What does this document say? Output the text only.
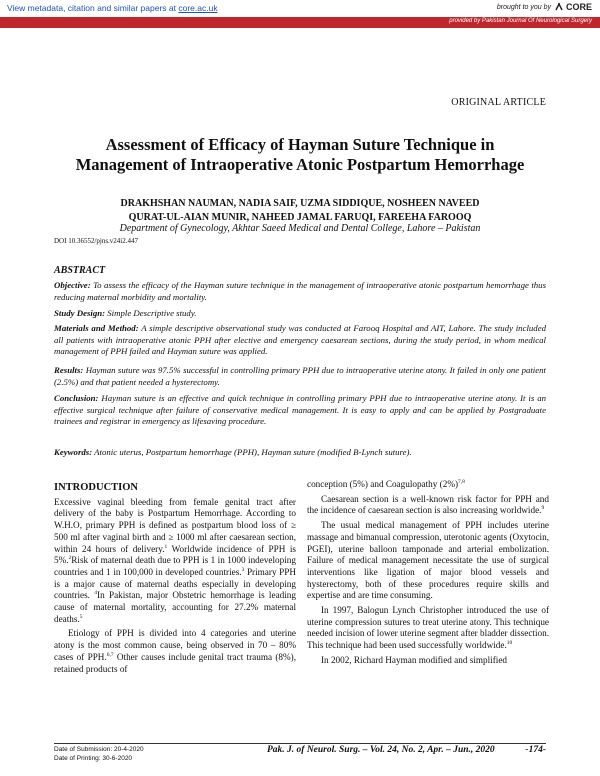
View metadata, citation and similar papers at core.ac.uk	brought to you by CORE
provided by Pakistan Journal Of Neurological Surgery
ORIGINAL ARTICLE
Assessment of Efficacy of Hayman Suture Technique in
Management of Intraoperative Atonic Postpartum Hemorrhage
DRAKHSHAN NAUMAN, NADIA SAIF, UZMA SIDDIQUE, NOSHEEN NAVEED
QURAT-UL-AIAN MUNIR, NAHEED JAMAL FARUQI, FAREEHA FAROOQ
Department of Gynecology, Akhtar Saeed Medical and Dental College, Lahore – Pakistan
DOI 10.36552/pjns.v24i2.447
ABSTRACT
Objective: To assess the efficacy of the Hayman suture technique in the management of intraoperative atonic postpartum hemorrhage thus reducing maternal morbidity and mortality.
Study Design: Simple Descriptive study.
Materials and Method: A simple descriptive observational study was conducted at Farooq Hospital and AIT, Lahore. The study included all patients with intraoperative atonic PPH after elective and emergency caesarean sections, during the study period, in whom medical management of PPH failed and Hayman suture was applied.
Results: Hayman suture was 97.5% successful in controlling primary PPH due to intraoperative uterine atony. It failed in only one patient (2.5%) and that patient needed a hysterectomy.
Conclusion: Hayman suture is an effective and quick technique in controlling primary PPH due to intraoperative uterine atony. It is an effective surgical technique after failure of conservative medical management. It is easy to apply and can be applied by Postgraduate trainees and registrar in emergency as lifesaving procedure.
Keywords: Atonic uterus, Postpartum hemorrhage (PPH), Hayman suture (modified B-Lynch suture).
INTRODUCTION

Excessive vaginal bleeding from female genital tract after delivery of the baby is Postpartum Hemorrhage. According to W.H.O, primary PPH is defined as postpartum blood loss of ≥ 500 ml after vaginal birth and ≥ 1000 ml after caesarean section, within 24 hours of delivery.$^1$ Worldwide incidence of PPH is 5%.$^2$Risk of maternal death due to PPH is 1 in 1000 indeveloping countries and 1 in 100,000 in developed countries.$^3$ Primary PPH is a major cause of maternal deaths especially in developing countries. $^4$In Pakistan, major Obstetric hemorrhage is leading cause of maternal mortality, accounting for 27.2% maternal deaths.$^5$

Etiology of PPH is divided into 4 categories and uterine atony is the most common cause, being observed in 70 – 80% cases of PPH.$^{6,7}$ Other causes include genital tract trauma (8%), retained products of

conception (5%) and Coagulopathy $(2\%)^{7,8}$

Caesarean section is a well-known risk factor for PPH and the incidence of caesarean section is also increasing worldwide.$^9$

The usual medical management of PPH includes uterine massage and bimanual compression, uterotonic agents (Oxytocin, PGEI), uterine balloon tamponade and arterial embolization. Failure of medical management necessitate the use of surgical interventions like ligation of major blood vessels and hysterectomy, both of these procedures require skills and expertise and are time consuming.

In 1997, Balogun Lynch Christopher introduced the use of uterine compression sutures to treat uterine atony. This technique needed incision of lower uterine segment after bladder dissection. This technique had been used successfully worldwide.$^{10}$

In 2002, Richard Hayman modified and simplified

Date of Submission: 20-4-2020
Date of Printing: 30-6-2020
Pak. J. of Neurol. Surg. – Vol. 24, No. 2, Apr. – Jun., 2020	-174-
